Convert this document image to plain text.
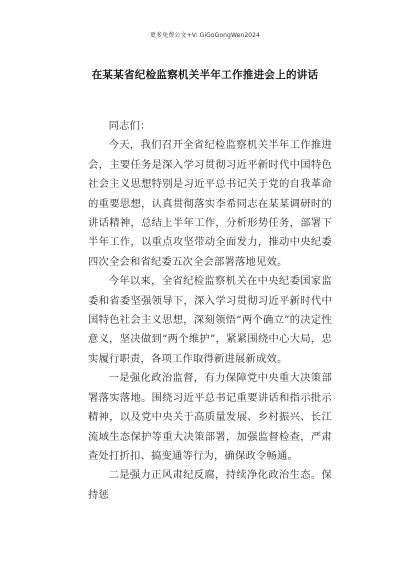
更多免费公文+V: GiGoGongWen2024
在某某省纪检监察机关半年工作推进会上的讲话

同志们：

今天，我们召开全省纪检监察机关半年工作推进会，主要任务是深入学习贯彻习近平新时代中国特色社会主义思想特别是习近平总书记关于党的自我革命的重要思想，认真贯彻落实李希同志在某某调研时的讲话精神，总结上半年工作，分析形势任务，部署下半年工作，以重点攻坚带动全面发力，推动中央纪委四次全会和省纪委五次全会部署落地见效。

今年以来，全省纪检监察机关在中央纪委国家监委和省委坚强领导下，深入学习贯彻习近平新时代中国特色社会主义思想，深刻领悟“两个确立”的决定性意义，坚决做到“两个维护”，紧紧围绕中心大局，忠实履行职责，各项工作取得新进展新成效。

一是强化政治监督，有力保障党中央重大决策部署落实落地。围绕习近平总书记重要讲话和指示批示精神，以及党中央关于高质量发展、乡村振兴、长江流域生态保护等重大决策部署，加强监督检查，严肃查处打折扣、搞变通等行为，确保政令畅通。

二是强力正风肃纪反腐，持续净化政治生态。保持惩
